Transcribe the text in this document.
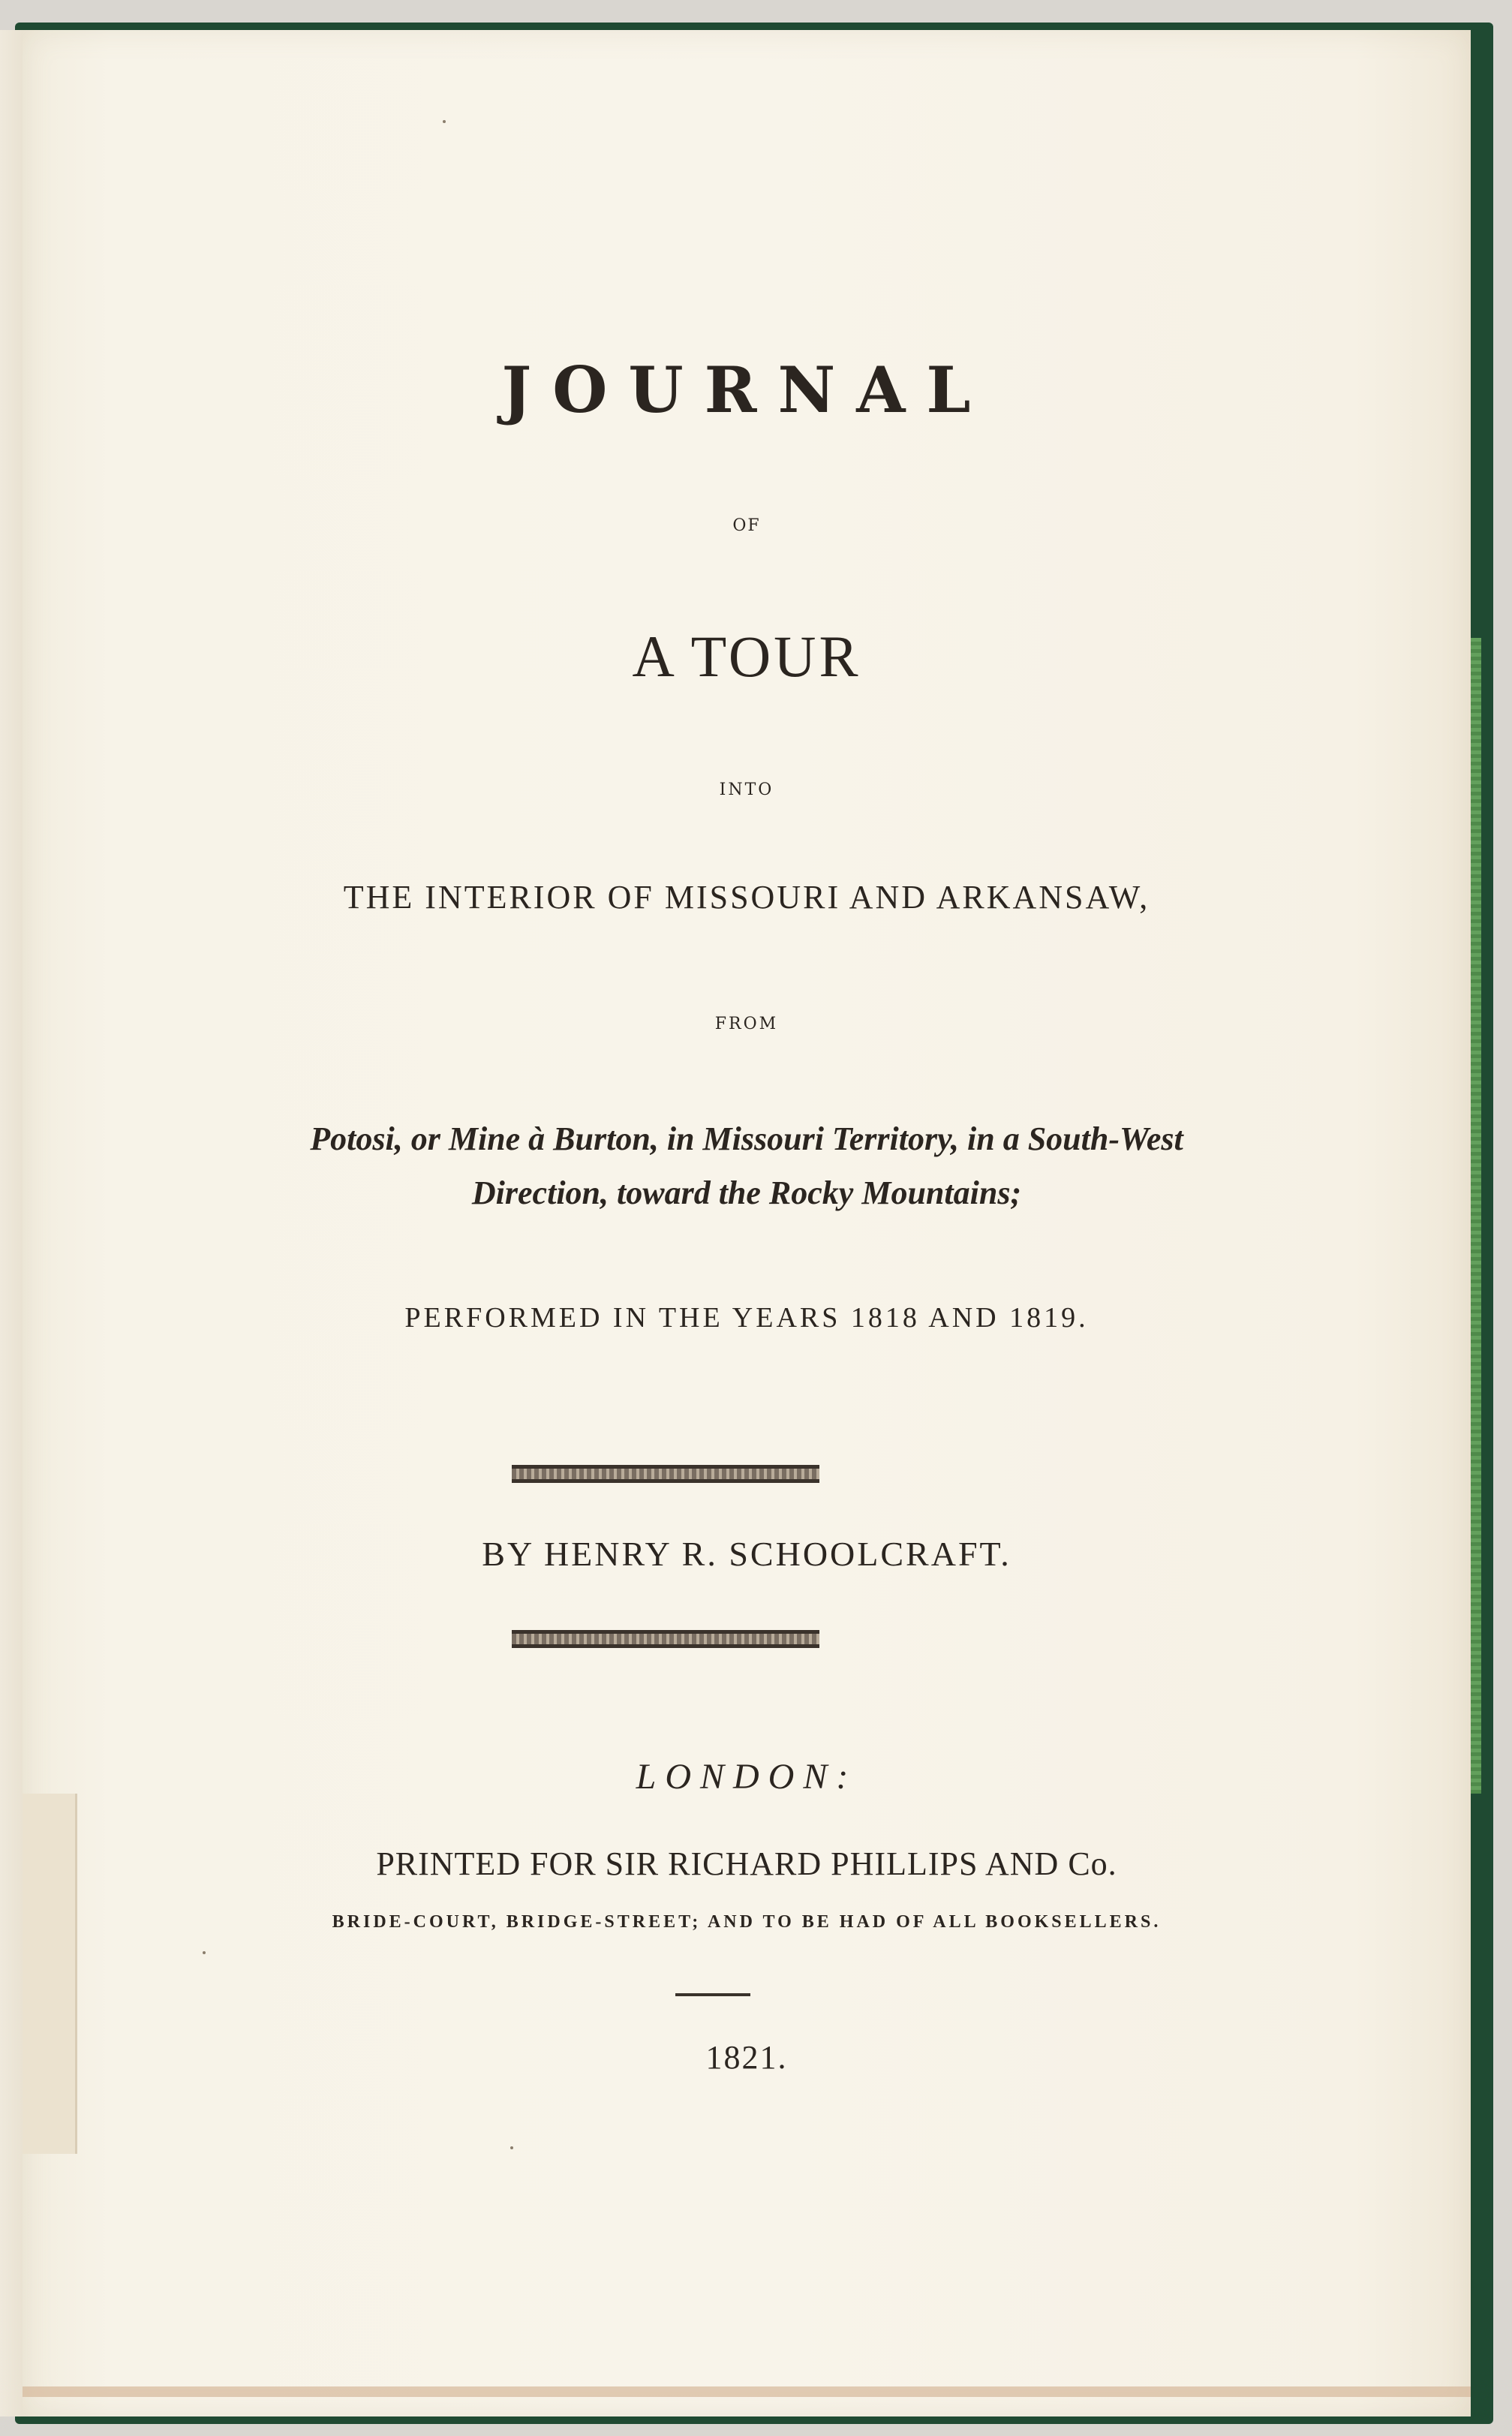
JOURNAL

OF

A TOUR

INTO

THE INTERIOR OF MISSOURI AND ARKANSAW,

FROM

Potosi, or Mine à Burton, in Missouri Territory, in a South-West

Direction, toward the Rocky Mountains;

PERFORMED IN THE YEARS 1818 AND 1819.

BY HENRY R. SCHOOLCRAFT.

LONDON:

PRINTED FOR SIR RICHARD PHILLIPS AND Co.

BRIDE-COURT, BRIDGE-STREET; AND TO BE HAD OF ALL BOOKSELLERS.

1821.
